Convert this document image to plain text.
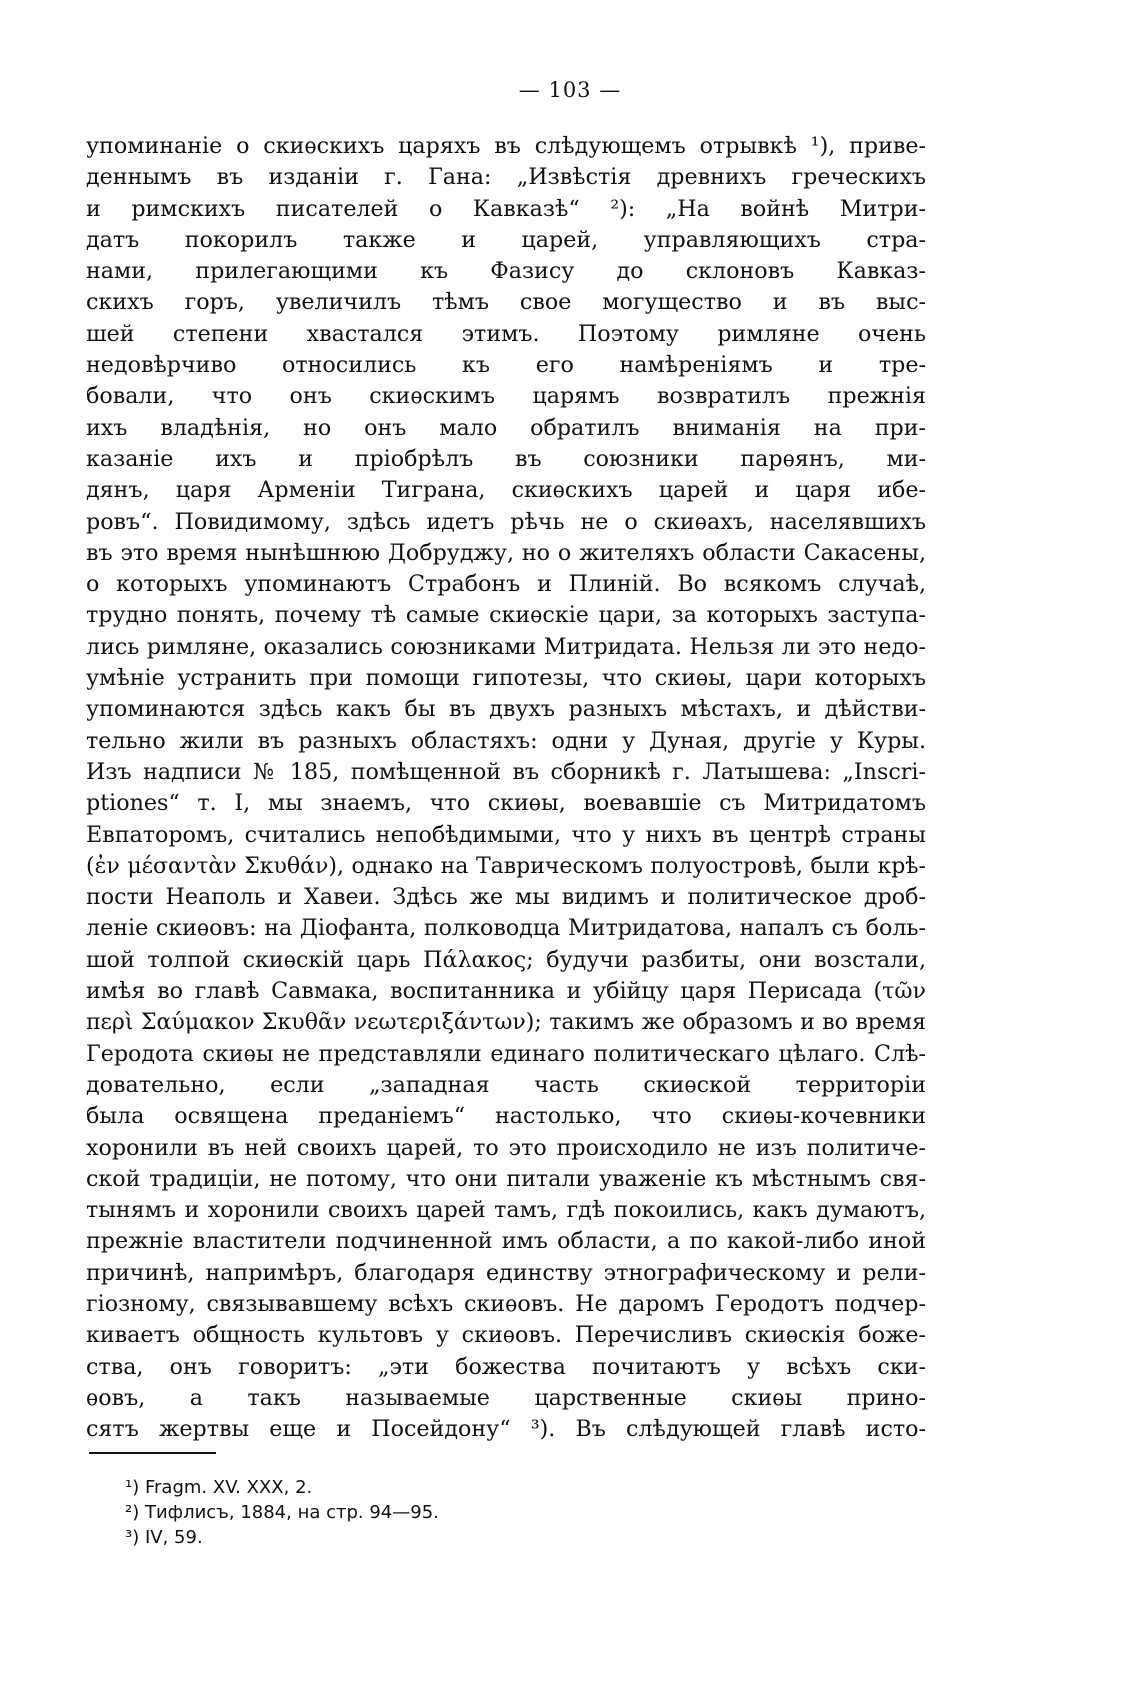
— 103 —
упоминаніе о скиѳскихъ царяхъ въ слѣдующемъ отрывкѣ ¹), приве-
деннымъ въ изданіи г. Гана: „Извѣстія древнихъ греческихъ
и римскихъ писателей о Кавказѣ“ ²): „На войнѣ Митри-
датъ покорилъ также и царей, управляющихъ стра-
нами, прилегающими къ Фазису до склоновъ Кавказ-
скихъ горъ, увеличилъ тѣмъ свое могущество и въ выс-
шей степени хвастался этимъ. Поэтому римляне очень
недовѣрчиво относились къ его намѣреніямъ и тре-
бовали, что онъ скиѳскимъ царямъ возвратилъ прежнія
ихъ владѣнія, но онъ мало обратилъ вниманія на при-
казаніе ихъ и пріобрѣлъ въ союзники парѳянъ, ми-
дянъ, царя Арменіи Тиграна, скиѳскихъ царей и царя ибе-
ровъ“. Повидимому, здѣсь идетъ рѣчь не о скиѳахъ, населявшихъ
въ это время нынѣшнюю Добруджу, но о жителяхъ области Сакасены,
о которыхъ упоминаютъ Страбонъ и Плиній. Во всякомъ случаѣ,
трудно понять, почему тѣ самые скиѳскіе цари, за которыхъ заступа-
лись римляне, оказались союзниками Митридата. Нельзя ли это недо-
умѣніе устранить при помощи гипотезы, что скиѳы, цари которыхъ
упоминаются здѣсь какъ бы въ двухъ разныхъ мѣстахъ, и дѣйстви-
тельно жили въ разныхъ областяхъ: одни у Дуная, другіе у Куры.
Изъ надписи № 185, помѣщенной въ сборникѣ г. Латышева: „Inscri-
ptiones“ т. I, мы знаемъ, что скиѳы, воевавшіе съ Митридатомъ
Евпаторомъ, считались непобѣдимыми, что у нихъ въ центрѣ страны
(ἐν μέσαντὰν Σκυθάν), однако на Таврическомъ полуостровѣ, были крѣ-
пости Неаполь и Хавеи. Здѣсь же мы видимъ и политическое дроб-
леніе скиѳовъ: на Діофанта, полководца Митридатова, напалъ съ боль-
шой толпой скиѳскій царь Πάλακος; будучи разбиты, они возстали,
имѣя во главѣ Савмака, воспитанника и убійцу царя Перисада (τῶν
περὶ Σαύμακον Σκυθᾶν νεωτεριξάντων); такимъ же образомъ и во время
Геродота скиѳы не представляли единаго политическаго цѣлаго. Слѣ-
довательно, если „западная часть скиѳской территоріи
была освящена преданіемъ“ настолько, что скиѳы-кочевники
хоронили въ ней своихъ царей, то это происходило не изъ политиче-
ской традиціи, не потому, что они питали уваженіе къ мѣстнымъ свя-
тынямъ и хоронили своихъ царей тамъ, гдѣ покоились, какъ думаютъ,
прежніе властители подчиненной имъ области, а по какой-либо иной
причинѣ, напримѣръ, благодаря единству этнографическому и рели-
гіозному, связывавшему всѣхъ скиѳовъ. Не даромъ Геродотъ подчер-
киваетъ общность культовъ у скиѳовъ. Перечисливъ скиѳскія боже-
ства, онъ говоритъ: „эти божества почитаютъ у всѣхъ ски-
ѳовъ, а такъ называемые царственные скиѳы прино-
сятъ жертвы еще и Посейдону“ ³). Въ слѣдующей главѣ исто-
¹) Fragm. XV. XXX, 2.
²) Тифлисъ, 1884, на стр. 94—95.
³) IV, 59.
